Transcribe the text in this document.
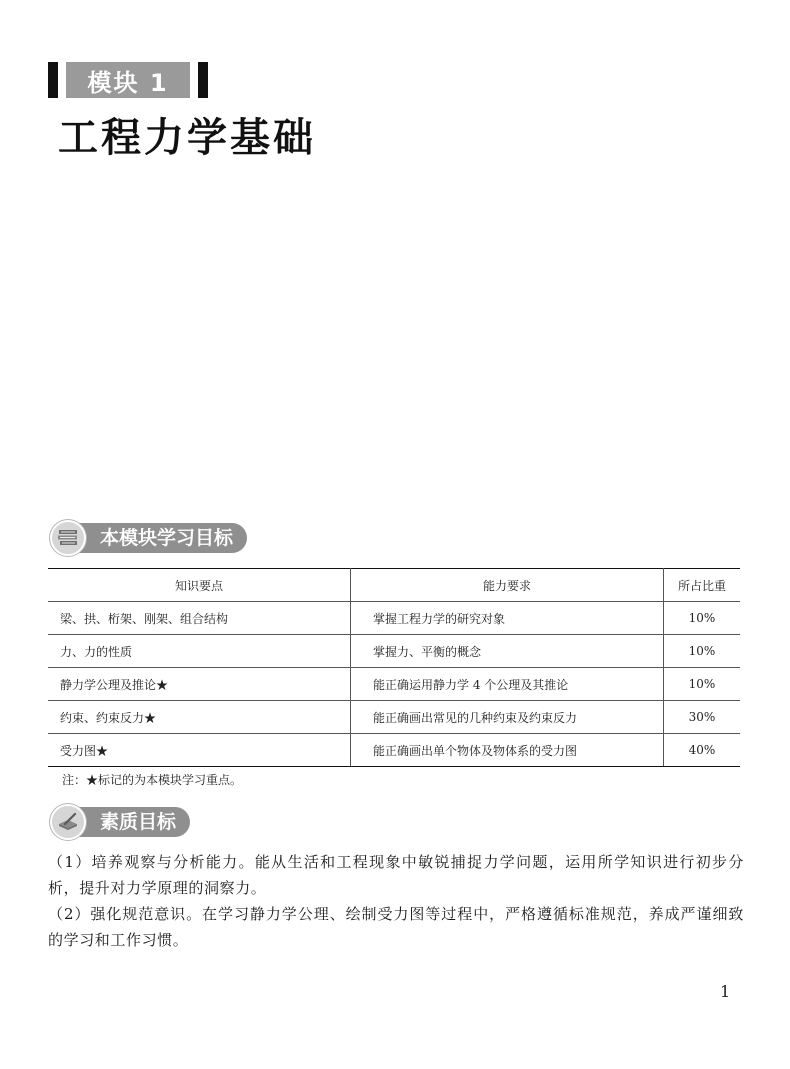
模块 1
工程力学基础
本模块学习目标
知识要点	能力要求	所占比重
梁、拱、桁架、刚架、组合结构	掌握工程力学的研究对象	10%
力、力的性质	掌握力、平衡的概念	10%
静力学公理及推论★	能正确运用静力学 4 个公理及其推论	10%
约束、约束反力★	能正确画出常见的几种约束及约束反力	30%
受力图★	能正确画出单个物体及物体系的受力图	40%
注：★标记的为本模块学习重点。
素质目标
（1）培养观察与分析能力。能从生活和工程现象中敏锐捕捉力学问题，运用所学知识进行初步分析，提升对力学原理的洞察力。
（2）强化规范意识。在学习静力学公理、绘制受力图等过程中，严格遵循标准规范，养成严谨细致的学习和工作习惯。
1
